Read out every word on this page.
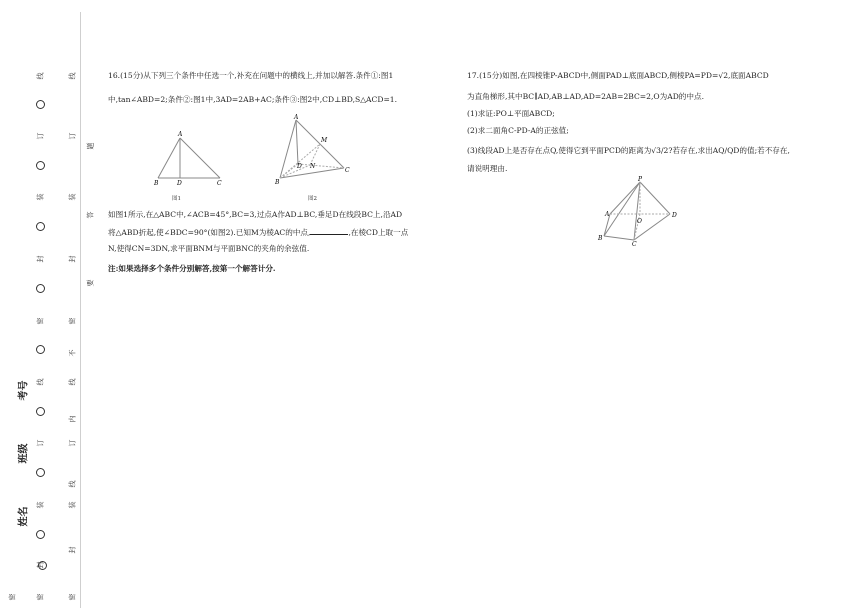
线
订
装
封
密
线
订
装
封
密
密
考号
班级
姓名
线
订
装
封
密
不
线
内
订
线
装
封
密
题
答
要
16.(15分)从下列三个条件中任选一个,补充在问题中的横线上,并加以解答.条件①:图1
中,tan∠ABD=2;条件②:图1中,3AD=2AB+AC;条件③:图2中,CD⊥BD,S△ACD=1.
A
B	D	C
图1
A
B
C
D
M
N
图2
如图1所示,在△ABC中,∠ACB=45°,BC=3,过点A作AD⊥BC,垂足D在线段BC上,沿AD
将△ABD折起,使∠BDC=90°(如图2).已知M为棱AC的中点,	,在棱CD上取一点
N,使得CN=3DN,求平面BNM与平面BNC的夹角的余弦值.
注:如果选择多个条件分别解答,按第一个解答计分.
17.(15分)如图,在四棱锥P-ABCD中,侧面PAD⊥底面ABCD,侧棱PA=PD=√2,底面ABCD
为直角梯形,其中BC∥AD,AB⊥AD,AD=2AB=2BC=2,O为AD的中点.
(1)求证:PO⊥平面ABCD;
(2)求二面角C-PD-A的正弦值;
(3)线段AD上是否存在点Q,使得它到平面PCD的距离为√3/2?若存在,求出AQ/QD的值;若不存在,
请说明理由.
P
A
B
C
D
O
